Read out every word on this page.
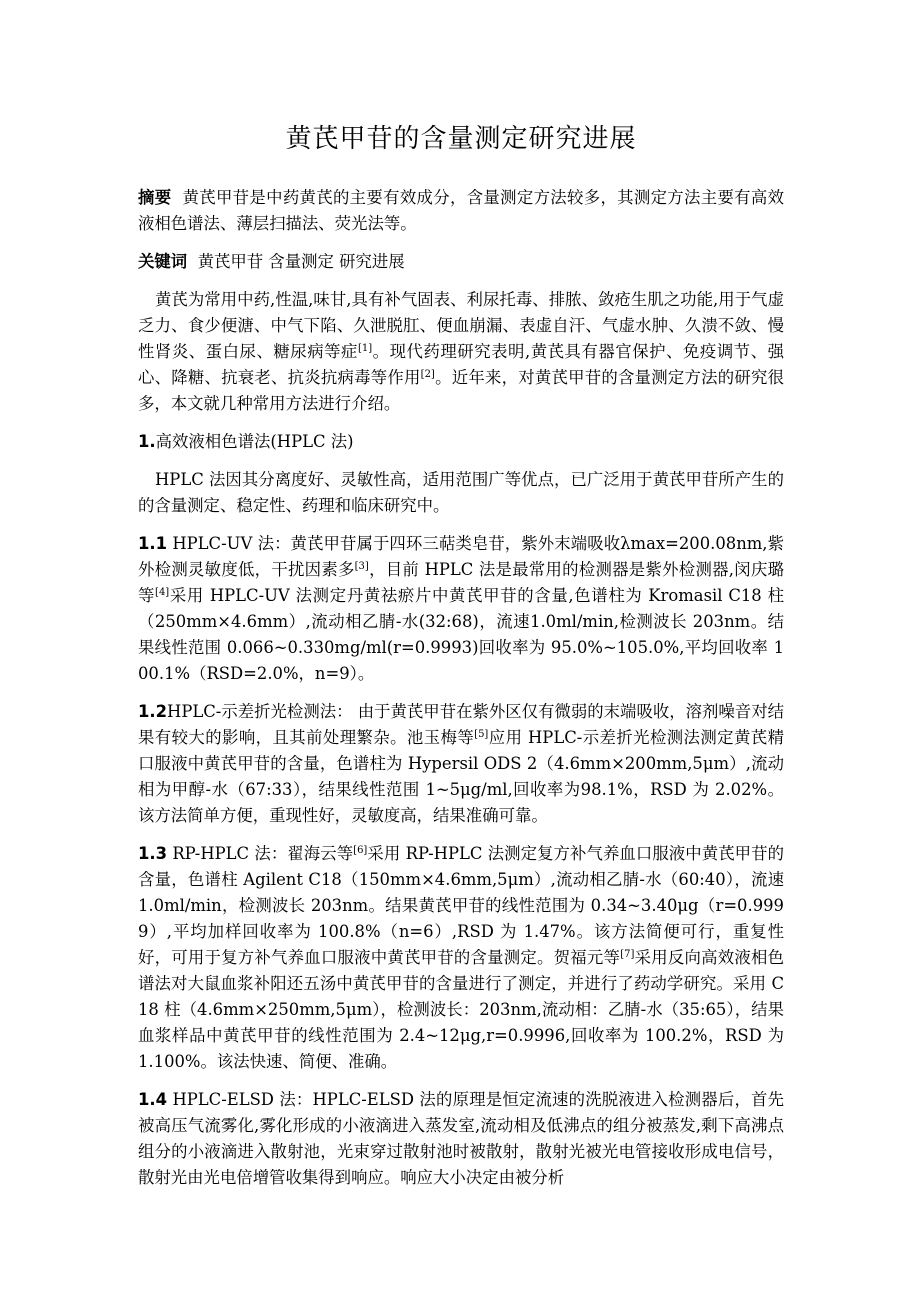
黄芪甲苷的含量测定研究进展

摘要 黄芪甲苷是中药黄芪的主要有效成分，含量测定方法较多，其测定方法主要有高效液相色谱法、薄层扫描法、荧光法等。

关键词 黄芪甲苷 含量测定 研究进展

黄芪为常用中药,性温,味甘,具有补气固表、利尿托毒、排脓、敛疮生肌之功能,用于气虚乏力、食少便溏、中气下陷、久泄脱肛、便血崩漏、表虚自汗、气虚水肿、久溃不敛、慢性肾炎、蛋白尿、糖尿病等症[1]。现代药理研究表明,黄芪具有器官保护、免疫调节、强心、降糖、抗衰老、抗炎抗病毒等作用[2]。近年来，对黄芪甲苷的含量测定方法的研究很多，本文就几种常用方法进行介绍。

1.高效液相色谱法(HPLC 法)

HPLC 法因其分离度好、灵敏性高，适用范围广等优点，已广泛用于黄芪甲苷所产生的的含量测定、稳定性、药理和临床研究中。

1.1 HPLC-UV 法：黄芪甲苷属于四环三萜类皂苷，紫外末端吸收λmax=200.08nm,紫外检测灵敏度低，干扰因素多[3]，目前 HPLC 法是最常用的检测器是紫外检测器,闵庆璐等[4]采用 HPLC-UV 法测定丹黄祛瘀片中黄芪甲苷的含量,色谱柱为 Kromasil C18 柱（250mm×4.6mm）,流动相乙腈-水(32:68)，流速1.0ml/min,检测波长 203nm。结果线性范围 0.066~0.330mg/ml(r=0.9993)回收率为 95.0%~105.0%,平均回收率 100.1%（RSD=2.0%，n=9）。

1.2HPLC-示差折光检测法： 由于黄芪甲苷在紫外区仅有微弱的末端吸收，溶剂噪音对结果有较大的影响，且其前处理繁杂。池玉梅等[5]应用 HPLC-示差折光检测法测定黄芪精口服液中黄芪甲苷的含量，色谱柱为 Hypersil ODS 2（4.6mm×200mm,5μm）,流动相为甲醇-水（67:33），结果线性范围 1~5μg/ml,回收率为98.1%，RSD 为 2.02%。该方法简单方便，重现性好，灵敏度高，结果准确可靠。

1.3 RP-HPLC 法：翟海云等[6]采用 RP-HPLC 法测定复方补气养血口服液中黄芪甲苷的含量，色谱柱 Agilent C18（150mm×4.6mm,5μm）,流动相乙腈-水（60:40），流速 1.0ml/min，检测波长 203nm。结果黄芪甲苷的线性范围为 0.34~3.40μg（r=0.9999）,平均加样回收率为 100.8%（n=6）,RSD 为 1.47%。该方法简便可行，重复性好，可用于复方补气养血口服液中黄芪甲苷的含量测定。贺福元等[7]采用反向高效液相色谱法对大鼠血浆补阳还五汤中黄芪甲苷的含量进行了测定，并进行了药动学研究。采用 C18 柱（4.6mm×250mm,5μm），检测波长：203nm,流动相：乙腈-水（35:65），结果血浆样品中黄芪甲苷的线性范围为 2.4~12μg,r=0.9996,回收率为 100.2%，RSD 为 1.100%。该法快速、简便、准确。

1.4 HPLC-ELSD 法：HPLC-ELSD 法的原理是恒定流速的洗脱液进入检测器后，首先被高压气流雾化,雾化形成的小液滴进入蒸发室,流动相及低沸点的组分被蒸发,剩下高沸点组分的小液滴进入散射池，光束穿过散射池时被散射，散射光被光电管接收形成电信号，散射光由光电倍增管收集得到响应。响应大小决定由被分析
